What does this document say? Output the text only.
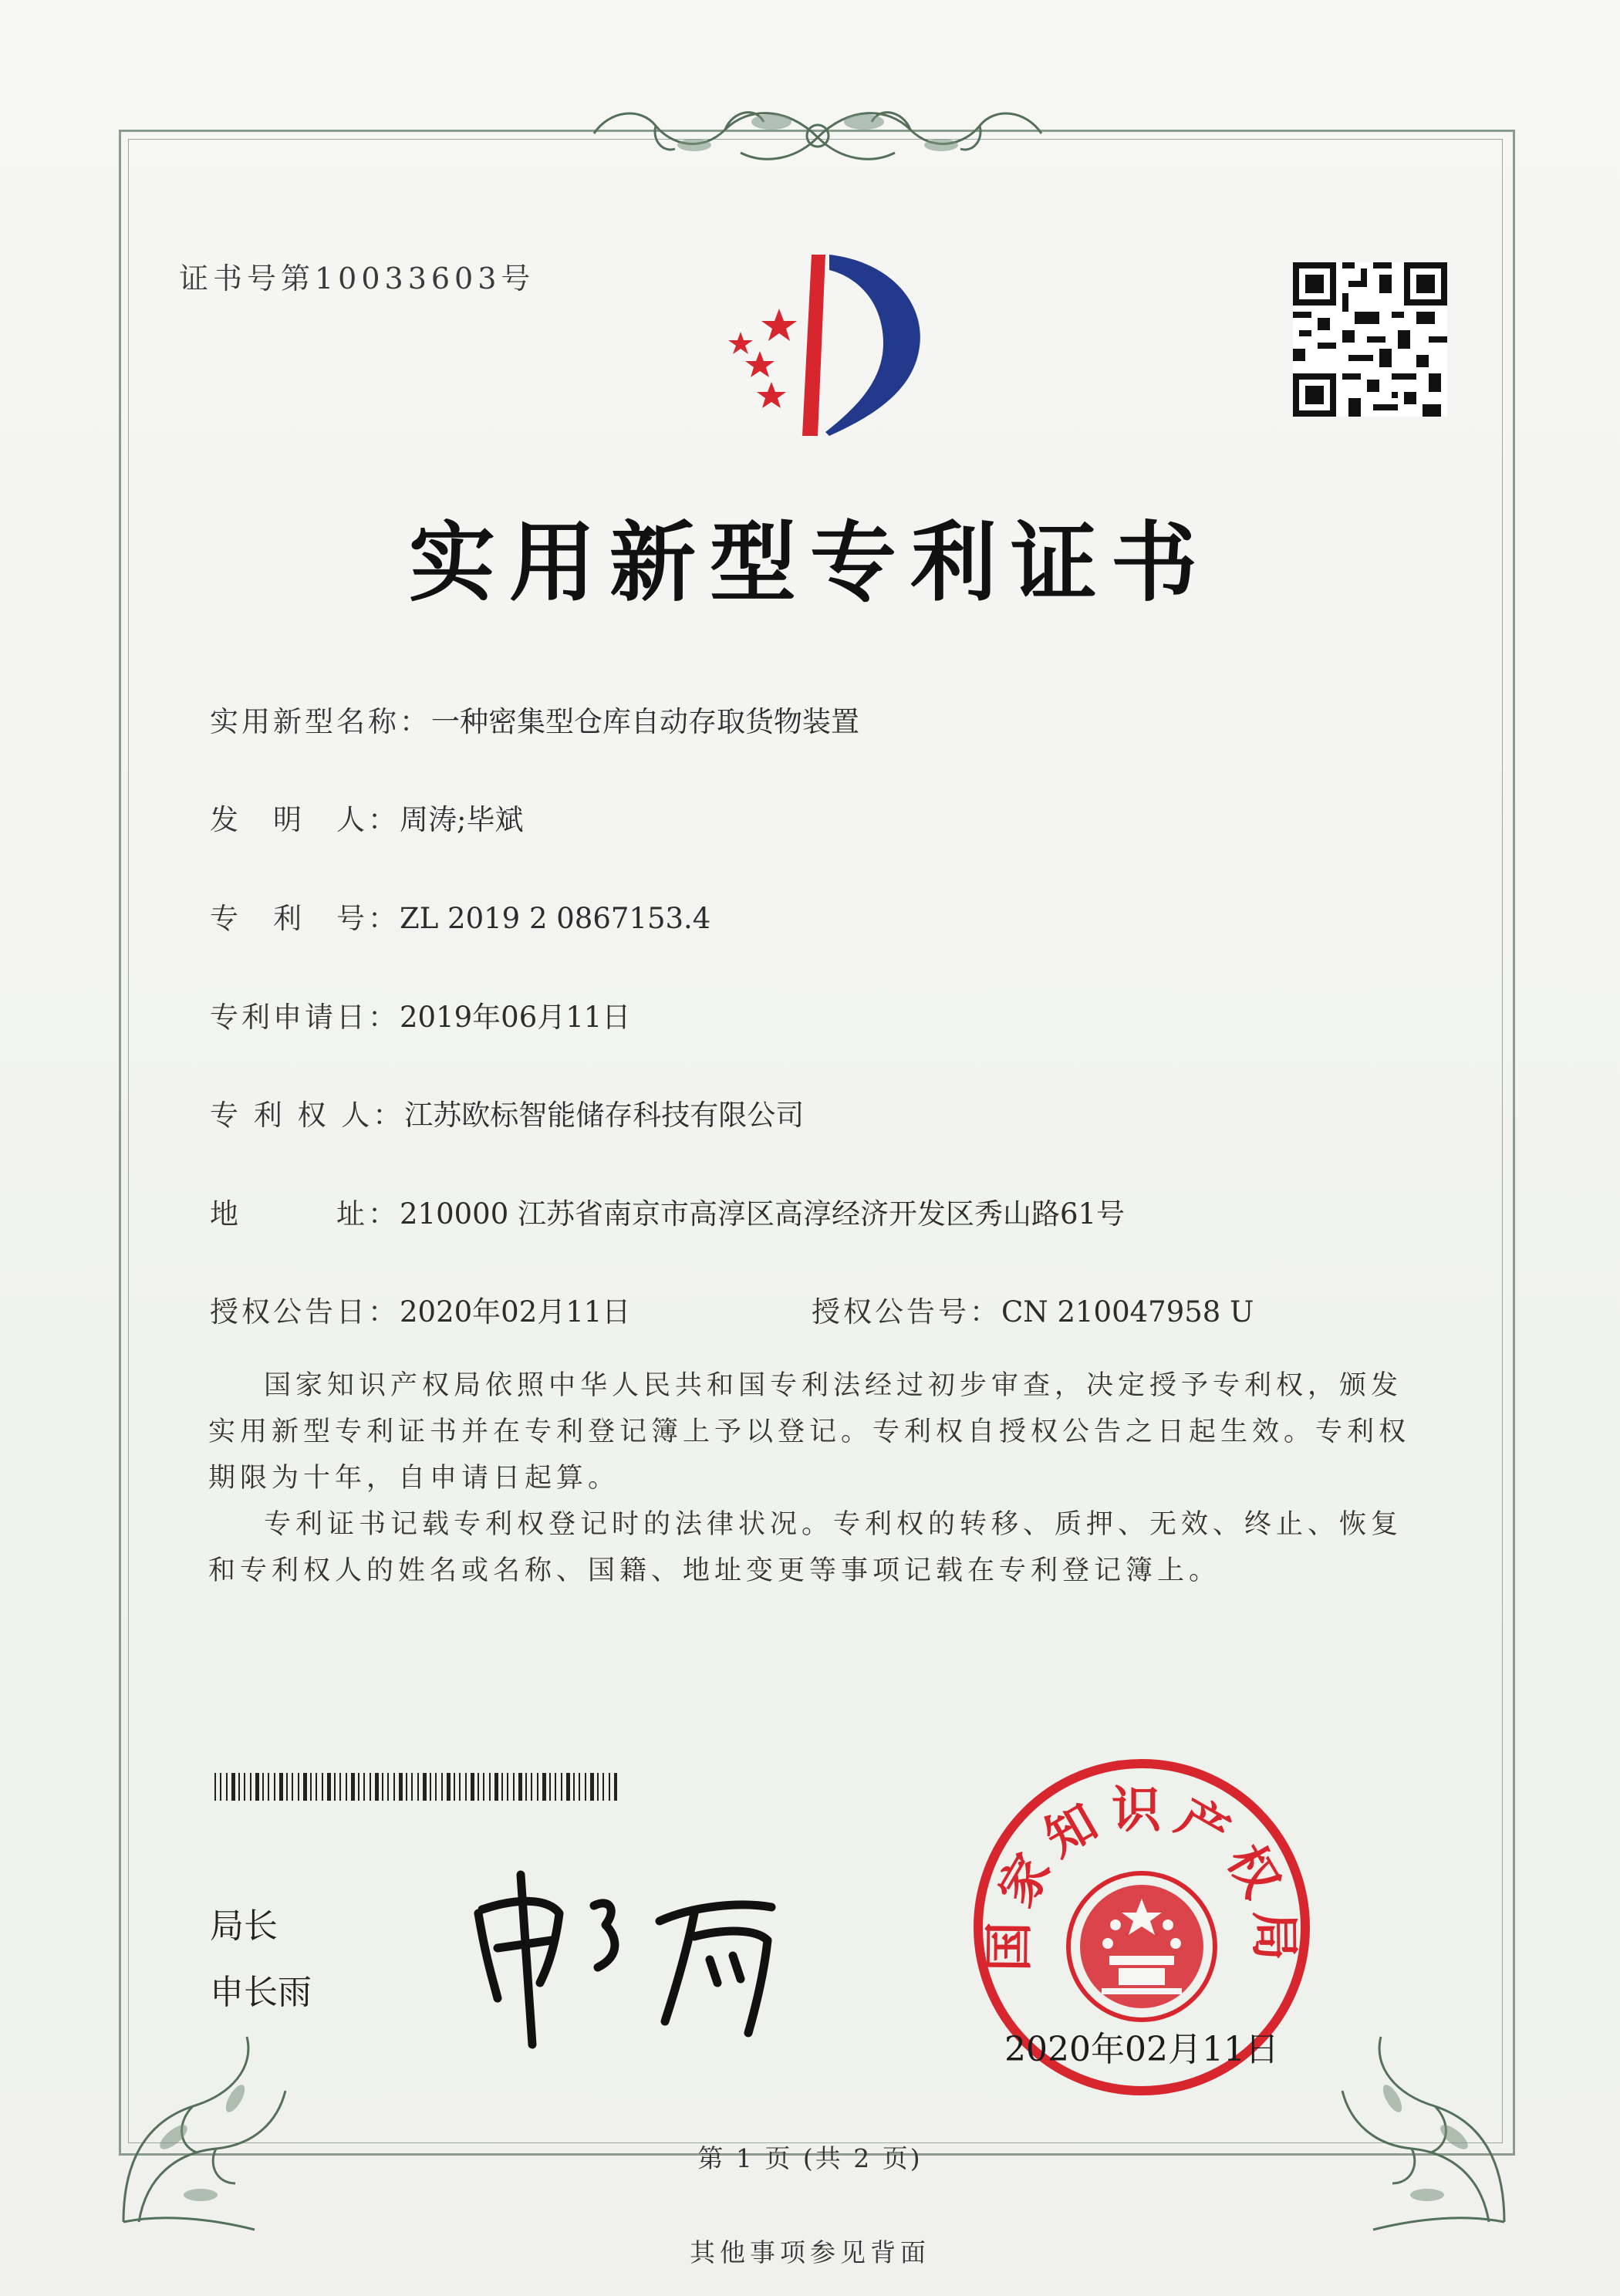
证书号第10033603号
实用新型专利证书
实用新型名称：一种密集型仓库自动存取货物装置
发　明　人：周涛;毕斌
专　利　号：ZL 2019 2 0867153.4
专利申请日：2019年06月11日
专 利 权 人：江苏欧标智能储存科技有限公司
地　　　址：210000 江苏省南京市高淳区高淳经济开发区秀山路61号
授权公告日：2020年02月11日	授权公告号：CN 210047958 U

国家知识产权局依照中华人民共和国专利法经过初步审查，决定授予专利权，颁发实用新型专利证书并在专利登记簿上予以登记。专利权自授权公告之日起生效。专利权期限为十年，自申请日起算。

专利证书记载专利权登记时的法律状况。专利权的转移、质押、无效、终止、恢复和专利权人的姓名或名称、国籍、地址变更等事项记载在专利登记簿上。

局长
申长雨
国家知识产权局
2020年02月11日
第 1 页 (共 2 页)
其他事项参见背面
